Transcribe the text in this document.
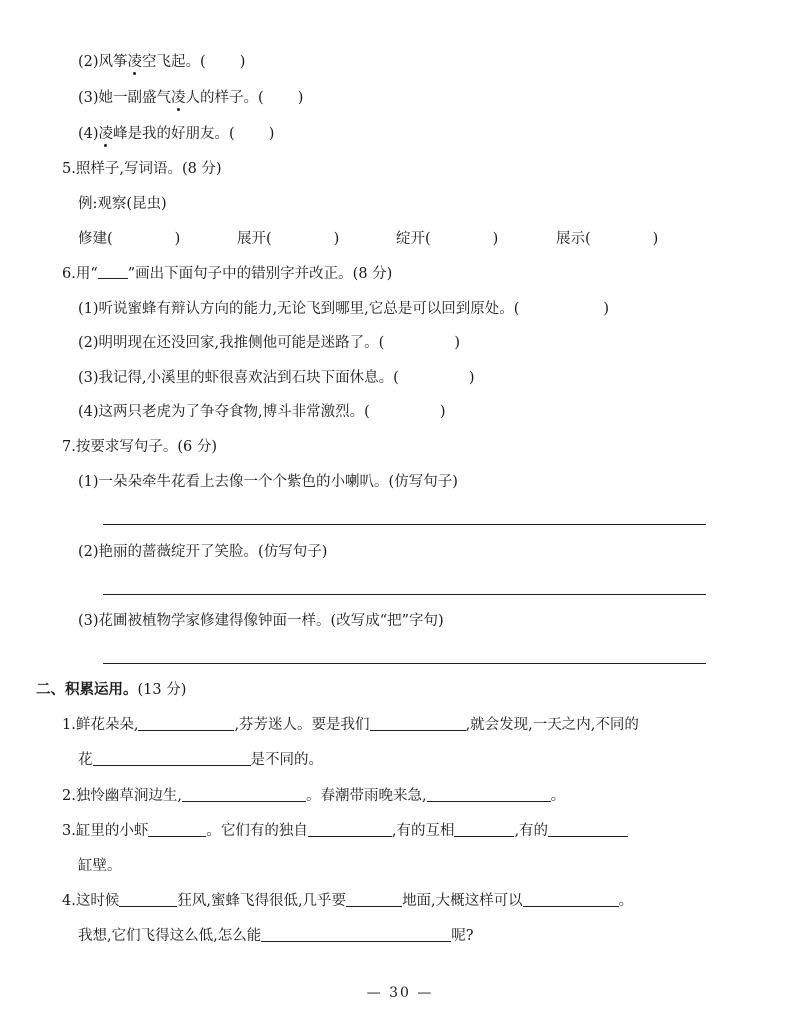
(2)风筝凌空飞起。( )
(3)她一副盛气凌人的样子。( )
(4)凌峰是我的好朋友。( )
5.照样子,写词语。(8 分)
例:观察(昆虫)
修建(	)	展开(	)	绽开(	)	展示(	)
6.用“ ”画出下面句子中的错别字并改正。(8 分)
(1)听说蜜蜂有辩认方向的能力,无论飞到哪里,它总是可以回到原处。(	)
(2)明明现在还没回家,我推侧他可能是迷路了。(	)
(3)我记得,小溪里的虾很喜欢沾到石块下面休息。(	)
(4)这两只老虎为了争夺食物,博斗非常激烈。(	)
7.按要求写句子。(6 分)
(1)一朵朵牵牛花看上去像一个个紫色的小喇叭。(仿写句子)
(2)艳丽的蔷薇绽开了笑脸。(仿写句子)
(3)花圃被植物学家修建得像钟面一样。(改写成“把”字句)
二、积累运用。(13 分)
1.鲜花朵朵,	,芬芳迷人。要是我们	,就会发现,一天之内,不同的
花	是不同的。
2.独怜幽草涧边生,	。春潮带雨晚来急,	。
3.缸里的小虾	。它们有的独自	,有的互相	,有的
缸壁。
4.这时候	狂风,蜜蜂飞得很低,几乎要	地面,大概这样可以	。
我想,它们飞得这么低,怎么能	呢?
— 30 —
